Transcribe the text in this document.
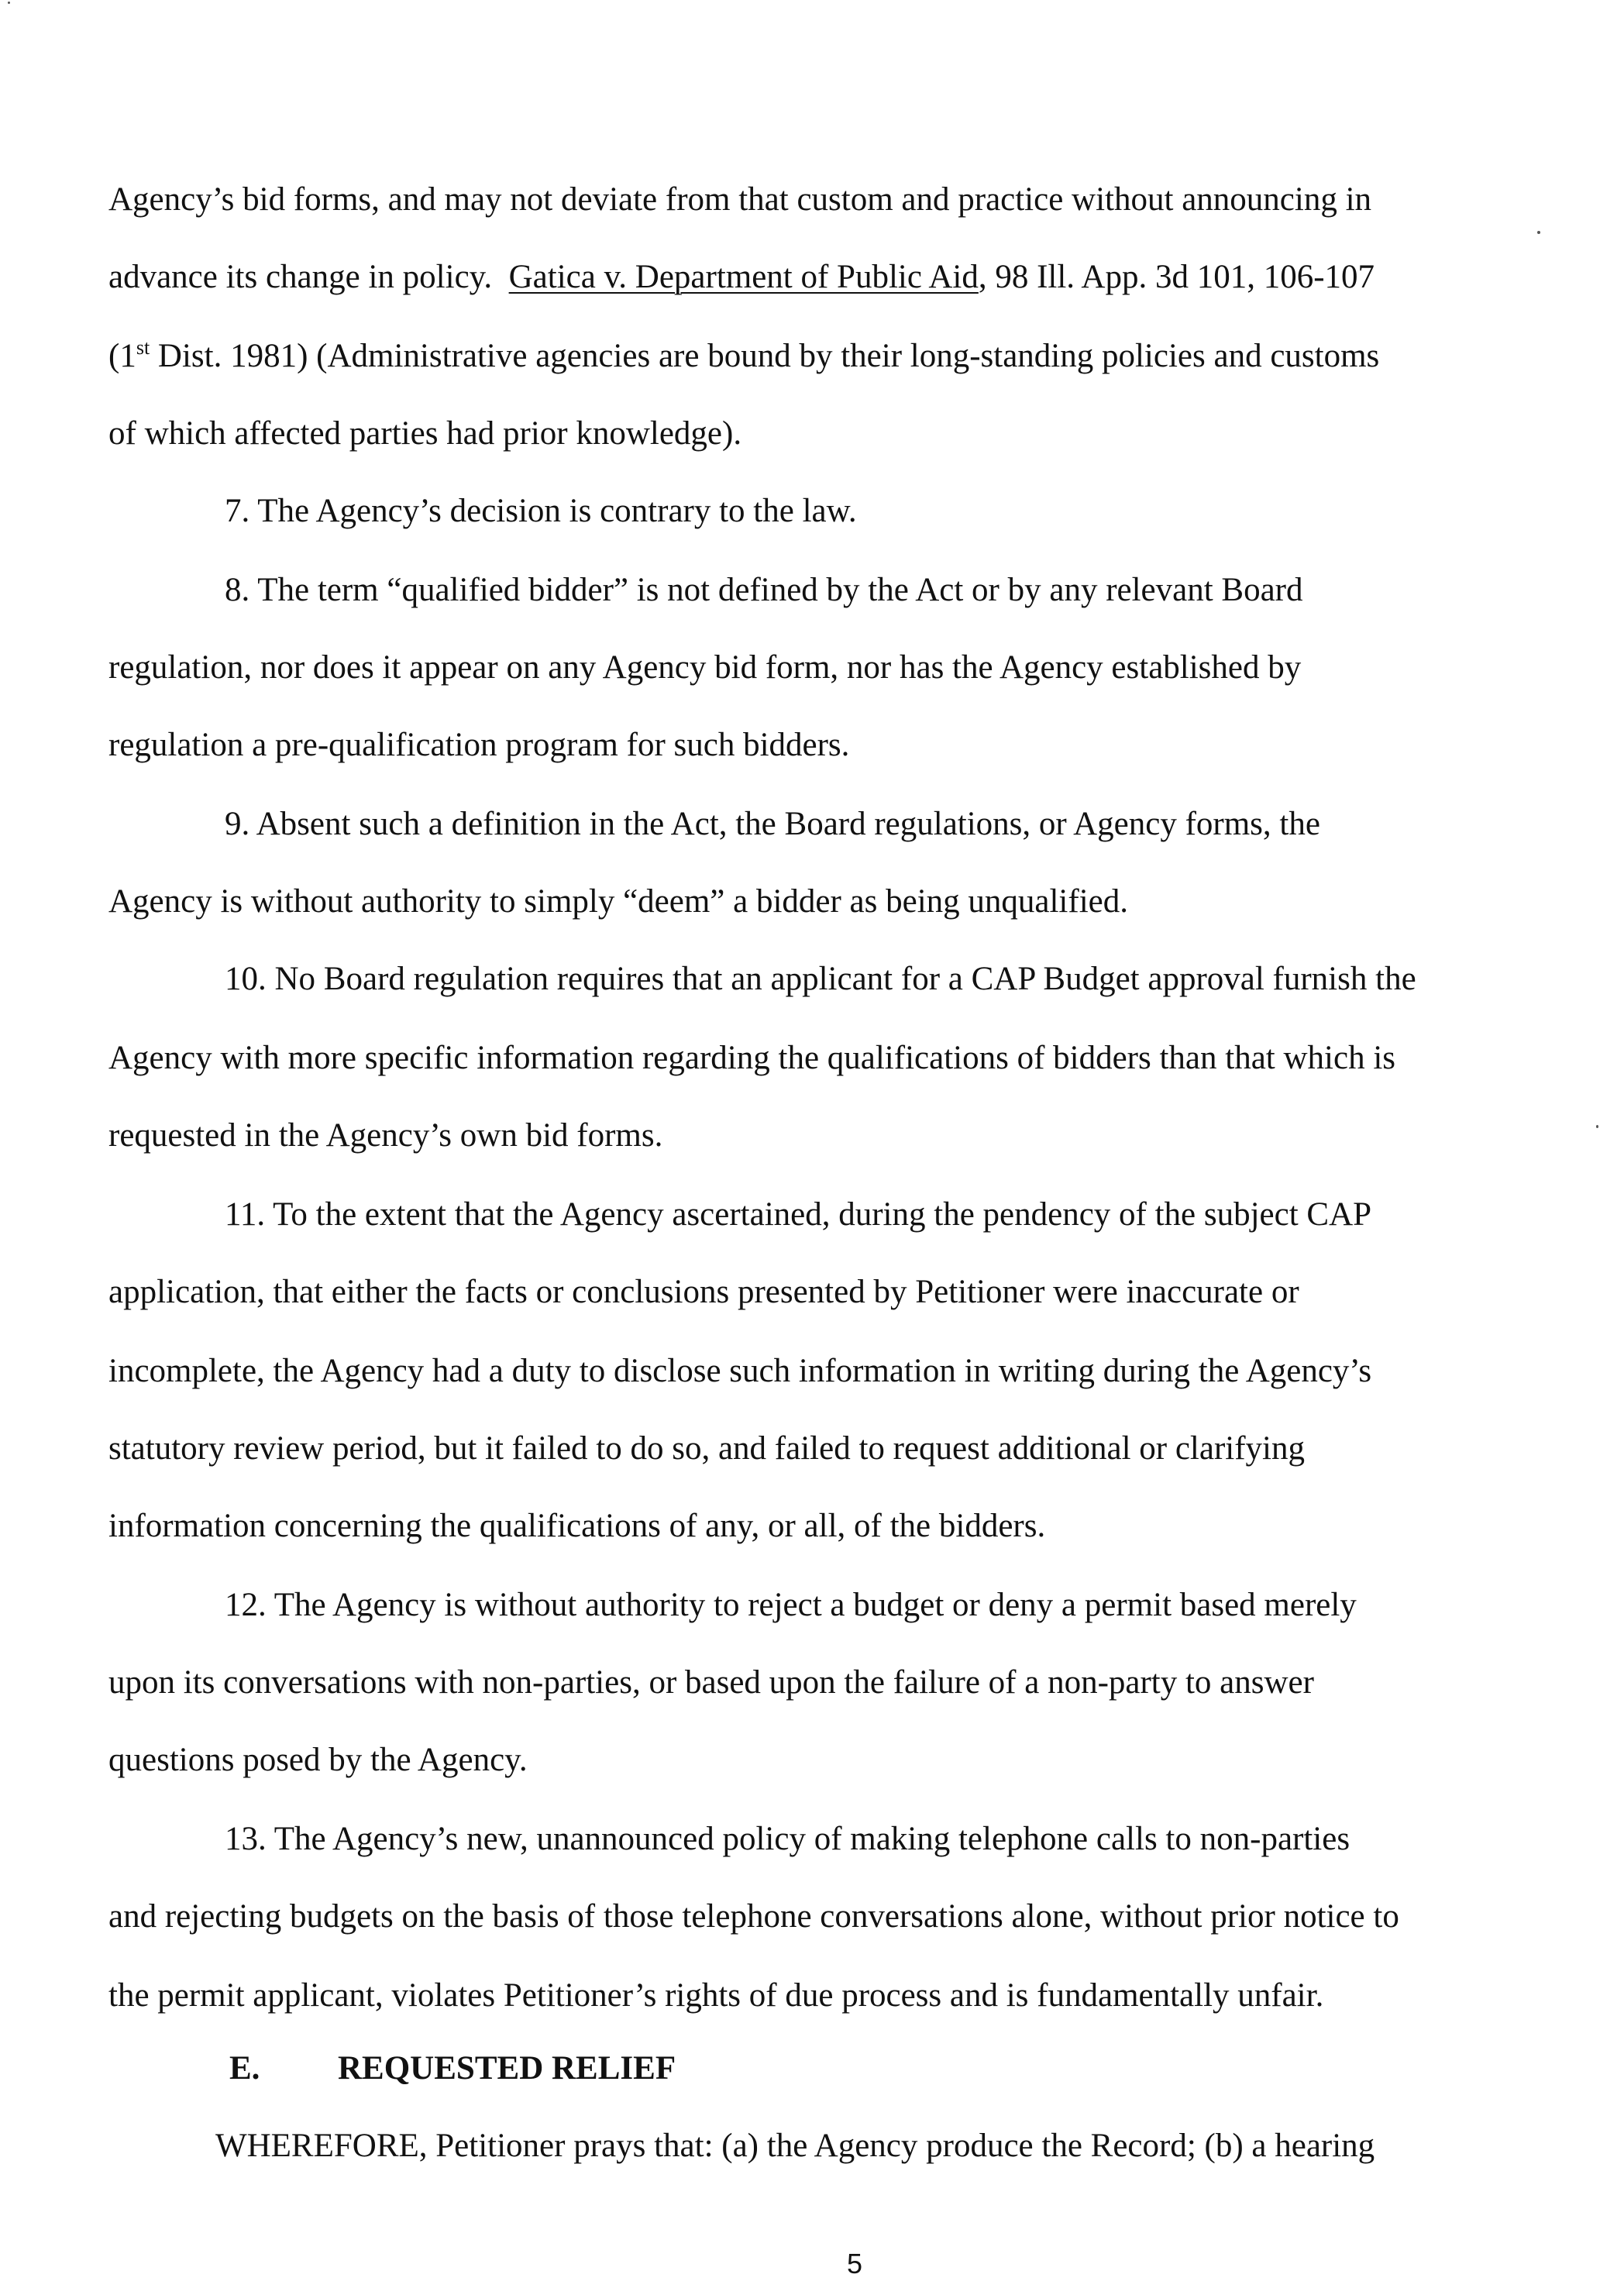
Agency’s bid forms, and may not deviate from that custom and practice without announcing in
advance its change in policy.  Gatica v. Department of Public Aid, 98 Ill. App. 3d 101, 106-107
(1st Dist. 1981) (Administrative agencies are bound by their long-standing policies and customs
of which affected parties had prior knowledge).
7. The Agency’s decision is contrary to the law.
8. The term “qualified bidder” is not defined by the Act or by any relevant Board
regulation, nor does it appear on any Agency bid form, nor has the Agency established by
regulation a pre-qualification program for such bidders.
9. Absent such a definition in the Act, the Board regulations, or Agency forms, the
Agency is without authority to simply “deem” a bidder as being unqualified.
10. No Board regulation requires that an applicant for a CAP Budget approval furnish the
Agency with more specific information regarding the qualifications of bidders than that which is
requested in the Agency’s own bid forms.
11. To the extent that the Agency ascertained, during the pendency of the subject CAP
application, that either the facts or conclusions presented by Petitioner were inaccurate or
incomplete, the Agency had a duty to disclose such information in writing during the Agency’s
statutory review period, but it failed to do so, and failed to request additional or clarifying
information concerning the qualifications of any, or all, of the bidders.
12. The Agency is without authority to reject a budget or deny a permit based merely
upon its conversations with non-parties, or based upon the failure of a non-party to answer
questions posed by the Agency.
13. The Agency’s new, unannounced policy of making telephone calls to non-parties
and rejecting budgets on the basis of those telephone conversations alone, without prior notice to
the permit applicant, violates Petitioner’s rights of due process and is fundamentally unfair.
E. REQUESTED RELIEF
WHEREFORE, Petitioner prays that: (a) the Agency produce the Record; (b) a hearing
5
